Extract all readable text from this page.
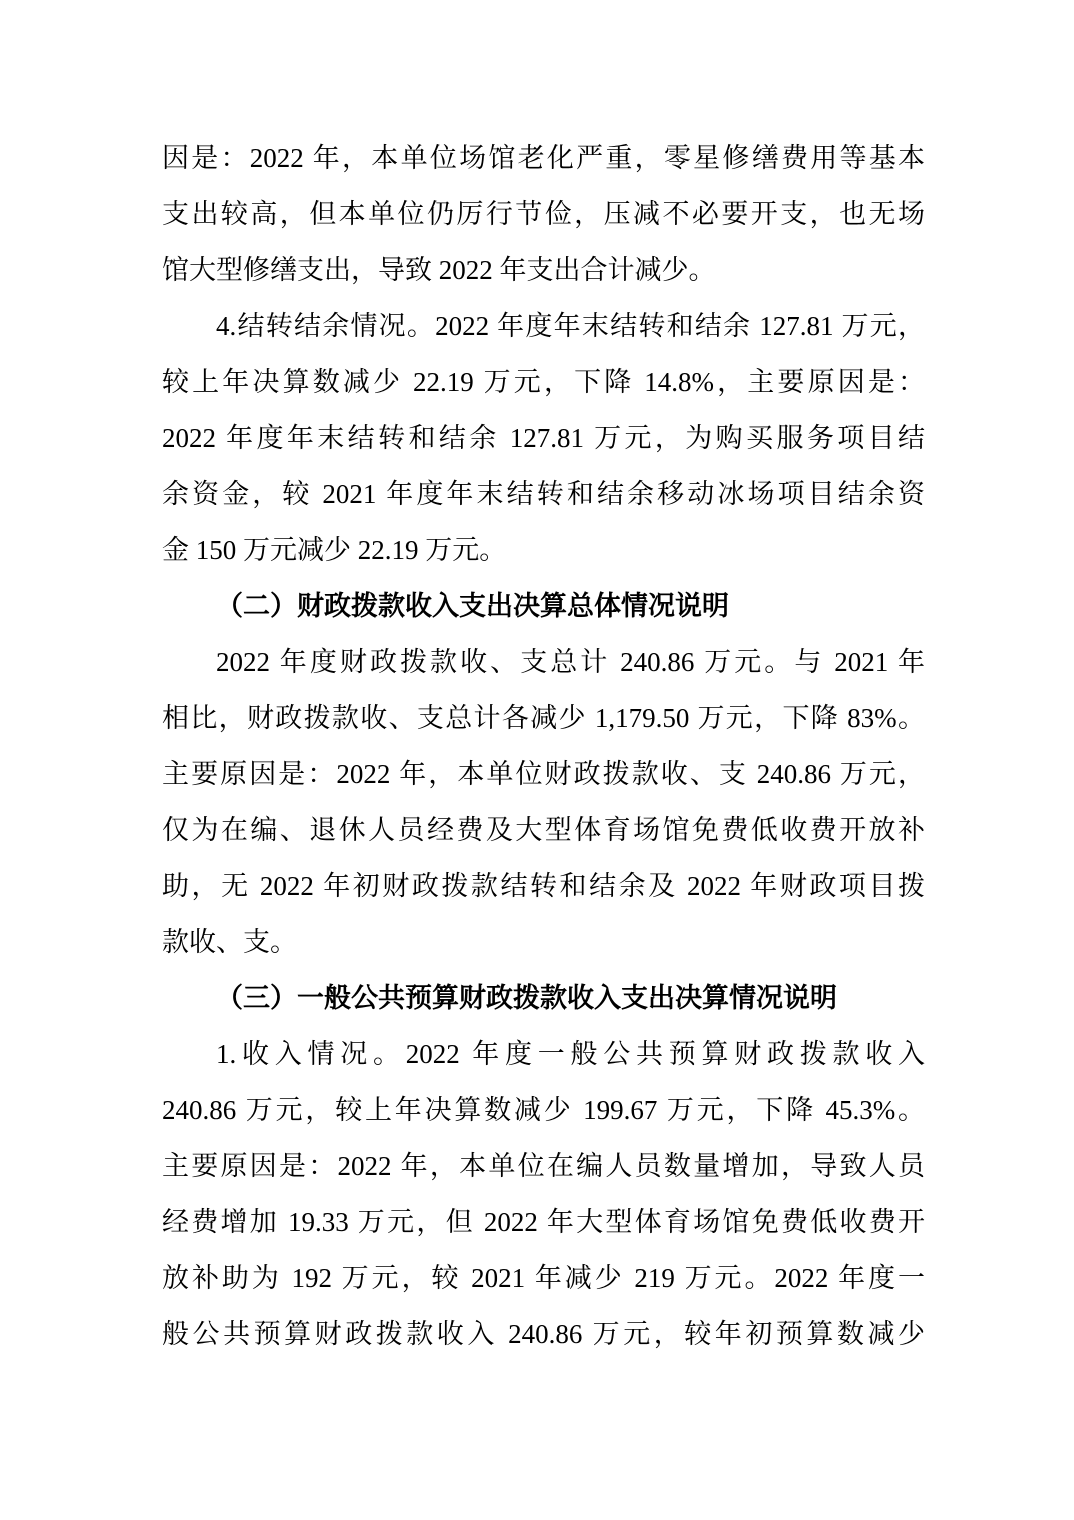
因是：2022 年，本单位场馆老化严重，零星修缮费用等基本
支出较高，但本单位仍厉行节俭，压减不必要开支，也无场
馆大型修缮支出，导致 2022 年支出合计减少。
4.结转结余情况。2022 年度年末结转和结余 127.81 万元，
较上年决算数减少 22.19 万元，下降 14.8%，主要原因是：
2022 年度年末结转和结余 127.81 万元，为购买服务项目结
余资金，较 2021 年度年末结转和结余移动冰场项目结余资
金 150 万元减少 22.19 万元。
（二）财政拨款收入支出决算总体情况说明
2022 年度财政拨款收、支总计 240.86 万元。与 2021 年
相比，财政拨款收、支总计各减少 1,179.50 万元，下降 83%。
主要原因是：2022 年，本单位财政拨款收、支 240.86 万元，
仅为在编、退休人员经费及大型体育场馆免费低收费开放补
助，无 2022 年初财政拨款结转和结余及 2022 年财政项目拨
款收、支。
（三）一般公共预算财政拨款收入支出决算情况说明
1.收入情况。2022 年度一般公共预算财政拨款收入
240.86 万元，较上年决算数减少 199.67 万元，下降 45.3%。
主要原因是：2022 年，本单位在编人员数量增加，导致人员
经费增加 19.33 万元，但 2022 年大型体育场馆免费低收费开
放补助为 192 万元，较 2021 年减少 219 万元。2022 年度一
般公共预算财政拨款收入 240.86 万元，较年初预算数减少
